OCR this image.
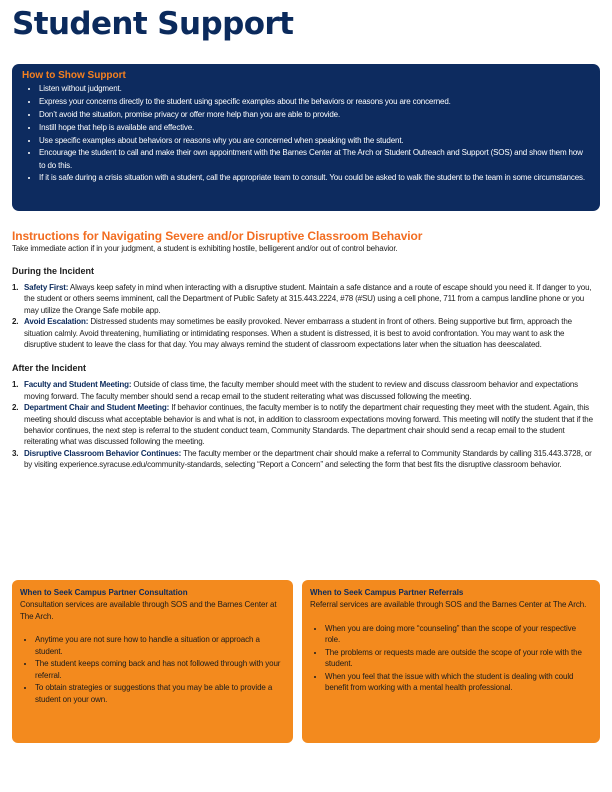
Student Support
How to Show Support
• Listen without judgment.
• Express your concerns directly to the student using specific examples about the behaviors or reasons you are concerned.
• Don’t avoid the situation, promise privacy or offer more help than you are able to provide.
• Instill hope that help is available and effective.
• Use specific examples about behaviors or reasons why you are concerned when speaking with the student.
• Encourage the student to call and make their own appointment with the Barnes Center at The Arch or Student Outreach and Support (SOS) and show them how to do this.
• If it is safe during a crisis situation with a student, call the appropriate team to consult. You could be asked to walk the student to the team in some circumstances.
Instructions for Navigating Severe and/or Disruptive Classroom Behavior

Take immediate action if in your judgment, a student is exhibiting hostile, belligerent and/or out of control behavior.

During the Incident
1. Safety First: Always keep safety in mind when interacting with a disruptive student. Maintain a safe distance and a route of escape should you need it. If danger to you, the student or others seems imminent, call the Department of Public Safety at 315.443.2224, #78 (#SU) using a cell phone, 711 from a campus landline phone or you may utilize the Orange Safe mobile app.
2. Avoid Escalation: Distressed students may sometimes be easily provoked. Never embarrass a student in front of others. Being supportive but firm, approach the situation calmly. Avoid threatening, humiliating or intimidating responses. When a student is distressed, it is best to avoid confrontation. You may want to ask the disruptive student to leave the class for that day. You may always remind the student of classroom expectations later when the situation has deescalated.
After the Incident
1. Faculty and Student Meeting: Outside of class time, the faculty member should meet with the student to review and discuss classroom behavior and expectations moving forward. The faculty member should send a recap email to the student reiterating what was discussed following the meeting.
2. Department Chair and Student Meeting: If behavior continues, the faculty member is to notify the department chair requesting they meet with the student. Again, this meeting should discuss what acceptable behavior is and what is not, in addition to classroom expectations moving forward. This meeting will notify the student that if the behavior continues, the next step is referral to the student conduct team, Community Standards. The department chair should send a recap email to the student reiterating what was discussed following the meeting.
3. Disruptive Classroom Behavior Continues: The faculty member or the department chair should make a referral to Community Standards by calling 315.443.3728, or by visiting experience.syracuse.edu/community-standards, selecting “Report a Concern” and selecting the form that best fits the disruptive classroom behavior.
When to Seek Campus Partner Consultation

Consultation services are available through SOS and the Barnes Center at The Arch.

• Anytime you are not sure how to handle a situation or approach a student.
• The student keeps coming back and has not followed through with your referral.
• To obtain strategies or suggestions that you may be able to provide a student on your own.
When to Seek Campus Partner Referrals

Referral services are available through SOS and the Barnes Center at The Arch.

• When you are doing more “counseling” than the scope of your respective role.
• The problems or requests made are outside the scope of your role with the student.
• When you feel that the issue with which the student is dealing with could benefit from working with a mental health professional.
